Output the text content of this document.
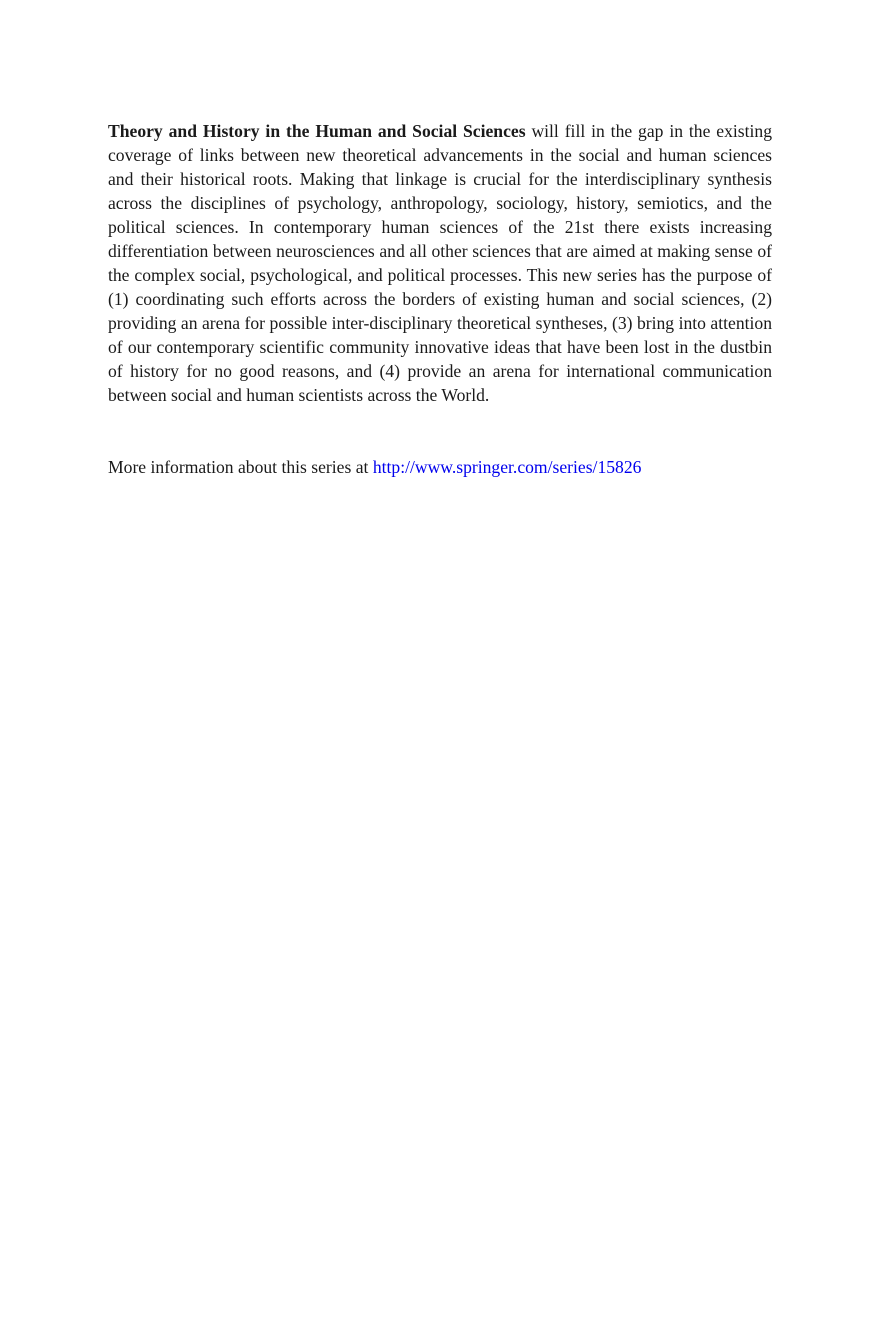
Theory and History in the Human and Social Sciences will fill in the gap in the existing coverage of links between new theoretical advancements in the social and human sciences and their historical roots. Making that linkage is crucial for the interdisciplinary synthesis across the disciplines of psychology, anthropology, sociology, history, semiotics, and the political sciences. In contemporary human sciences of the 21st there exists increasing differentiation between neurosciences and all other sciences that are aimed at making sense of the complex social, psychological, and political processes. This new series has the purpose of (1) coordinating such efforts across the borders of existing human and social sciences, (2) providing an arena for possible inter-disciplinary theoretical syntheses, (3) bring into attention of our contemporary scientific community innovative ideas that have been lost in the dustbin of history for no good reasons, and (4) provide an arena for international communication between social and human scientists across the World.

More information about this series at http://www.springer.com/series/15826
